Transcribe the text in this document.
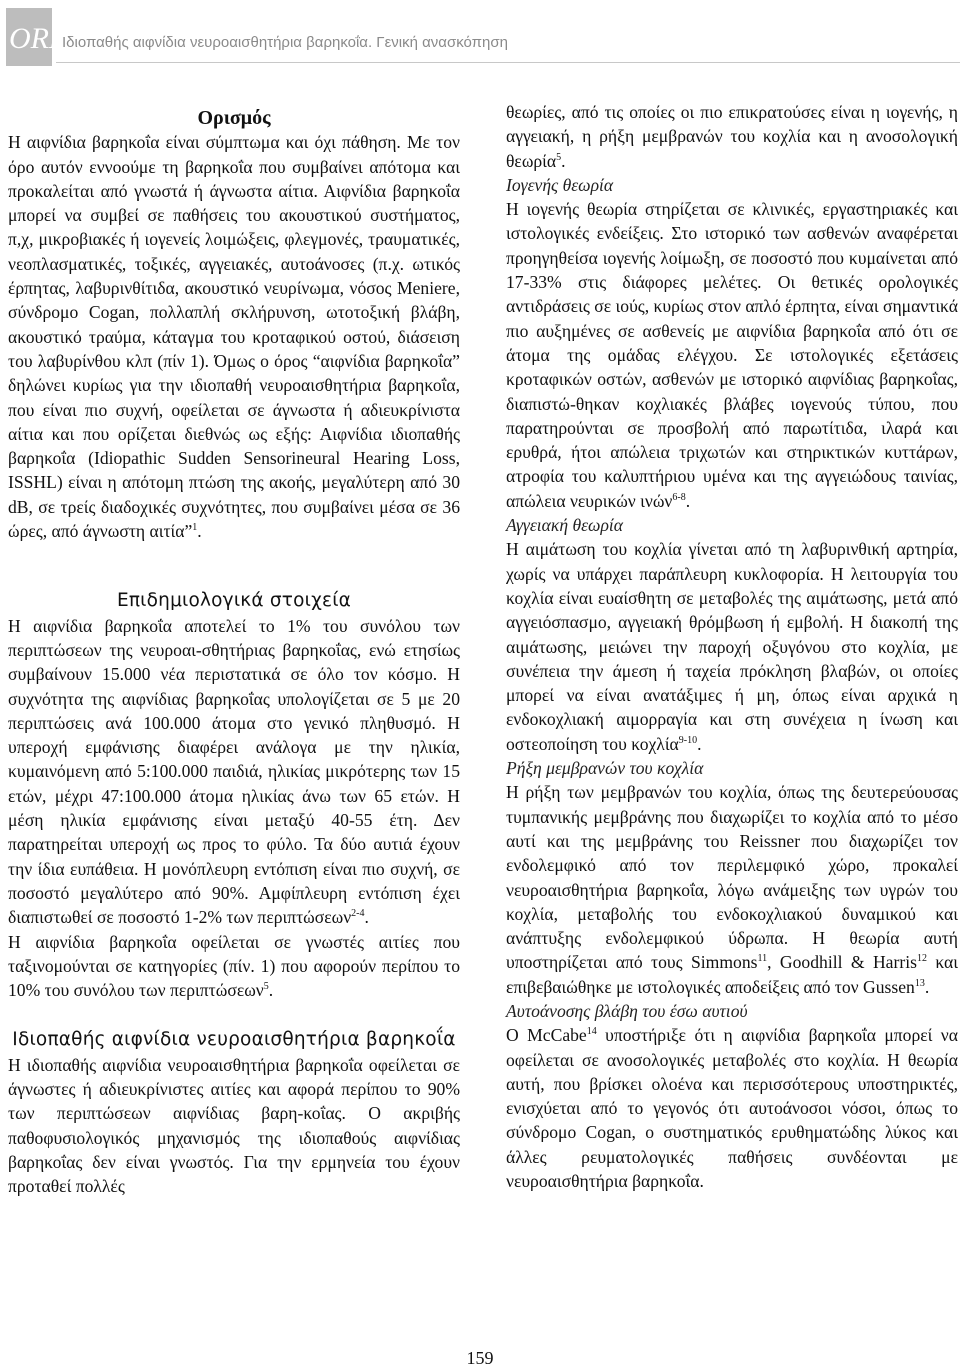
ORL
Ιδιοπαθής αιφνίδια νευροαισθητήρια βαρηκοΐα. Γενική ανασκόπηση
Ορισμός

Η αιφνίδια βαρηκοΐα είναι σύμπτωμα και όχι πάθηση. Με τον όρο αυτόν εννοούμε τη βαρηκοΐα που συμβαίνει απότομα και προκαλείται από γνωστά ή άγνωστα αίτια. Αιφνίδια βαρηκοΐα μπορεί να συμβεί σε παθήσεις του ακουστικού συστήματος, π,χ, μικροβιακές ή ιογενείς λοιμώξεις, φλεγμονές, τραυματικές, νεοπλασματικές, τοξικές, αγγειακές, αυτοάνοσες (π.χ. ωτικός έρπητας, λαβυρινθίτιδα, ακουστικό νευρίνωμα, νόσος Meniere, σύνδρομο Cogan, πολλαπλή σκλήρυνση, ωτοτοξική βλάβη, ακουστικό τραύμα, κάταγμα του κροταφικού οστού, διάσειση του λαβυρίνθου κλπ (πίν 1). Όμως ο όρος “αιφνίδια βαρηκοΐα” δηλώνει κυρίως για την ιδιοπαθή νευροαισθητήρια βαρηκοΐα, που είναι πιο συχνή, οφείλεται σε άγνωστα ή αδιευκρίνιστα αίτια και που ορίζεται διεθνώς ως εξής: Αιφνίδια ιδιοπαθής βαρηκοΐα (Idiopathic Sudden Sensorineural Hearing Loss, ISSHL) είναι η απότομη πτώση της ακοής, μεγαλύτερη από 30 dB, σε τρείς διαδοχικές συχνότητες, που συμβαίνει μέσα σε 36 ώρες, από άγνωστη αιτία”$^1$.

Επιδημιολογικά στοιχεία

Η αιφνίδια βαρηκοΐα αποτελεί το 1% του συνόλου των περιπτώσεων της νευροαι-σθητήριας βαρηκοΐας, ενώ ετησίως συμβαίνουν 15.000 νέα περιστατικά σε όλο τον κόσμο. Η συχνότητα της αιφνίδιας βαρηκοΐας υπολογίζεται σε 5 με 20 περιπτώσεις ανά 100.000 άτομα στο γενικό πληθυσμό. Η υπεροχή εμφάνισης διαφέρει ανάλογα με την ηλικία, κυμαινόμενη από 5:100.000 παιδιά, ηλικίας μικρότερης των 15 ετών, μέχρι 47:100.000 άτομα ηλικίας άνω των 65 ετών. Η μέση ηλικία εμφάνισης είναι μεταξύ 40-55 έτη. Δεν παρατηρείται υπεροχή ως προς το φύλο. Τα δύο αυτιά έχουν την ίδια ευπάθεια. Η μονόπλευρη εντόπιση είναι πιο συχνή, σε ποσοστό μεγαλύτερο από 90%. Αμφίπλευρη εντόπιση έχει διαπιστωθεί σε ποσοστό 1-2% των περιπτώσεων$^{2-4}$.

Η αιφνίδια βαρηκοΐα οφείλεται σε γνωστές αιτίες που ταξινομούνται σε κατηγορίες (πίν. 1) που αφορούν περίπου το 10% του συνόλου των περιπτώσεων$^5$.

Ιδιοπαθής αιφνίδια νευροαισθητήρια βαρηκοΐα

Η ιδιοπαθής αιφνίδια νευροαισθητήρια βαρηκοΐα οφείλεται σε άγνωστες ή αδιευκρίνιστες αιτίες και αφορά περίπου το 90% των περιπτώσεων αιφνίδιας βαρη-κοΐας. Ο ακριβής παθοφυσιολογικός μηχανισμός της ιδιοπαθούς αιφνίδιας βαρηκοΐας δεν είναι γνωστός. Για την ερμηνεία του έχουν προταθεί πολλές

θεωρίες, από τις οποίες οι πιο επικρατούσες είναι η ιογενής, η αγγειακή, η ρήξη μεμβρανών του κοχλία και η ανοσολογική θεωρία$^5$.

Ιογενής θεωρία

Η ιογενής θεωρία στηρίζεται σε κλινικές, εργαστηριακές και ιστολογικές ενδείξεις. Στο ιστορικό των ασθενών αναφέρεται προηγηθείσα ιογενής λοίμωξη, σε ποσοστό που κυμαίνεται από 17-33% στις διάφορες μελέτες. Οι θετικές ορολογικές αντιδράσεις σε ιούς, κυρίως στον απλό έρπητα, είναι σημαντικά πιο αυξημένες σε ασθενείς με αιφνίδια βαρηκοΐα από ότι σε άτομα της ομάδας ελέγχου. Σε ιστολογικές εξετάσεις κροταφικών οστών, ασθενών με ιστορικό αιφνίδιας βαρηκοΐας, διαπιστώ-θηκαν κοχλιακές βλάβες ιογενούς τύπου, που παρατηρούνται σε προσβολή από παρωτίτιδα, ιλαρά και ερυθρά, ήτοι απώλεια τριχωτών και στηρικτικών κυττάρων, ατροφία του καλυπτήριου υμένα και της αγγειώδους ταινίας, απώλεια νευρικών ινών$^{6-8}$.

Αγγειακή θεωρία

Η αιμάτωση του κοχλία γίνεται από τη λαβυρινθική αρτηρία, χωρίς να υπάρχει παράπλευρη κυκλοφορία. Η λειτουργία του κοχλία είναι ευαίσθητη σε μεταβολές της αιμάτωσης, μετά από αγγειόσπασμο, αγγειακή θρόμβωση ή εμβολή. Η διακοπή της αιμάτωσης, μειώνει την παροχή οξυγόνου στο κοχλία, με συνέπεια την άμεση ή ταχεία πρόκληση βλαβών, οι οποίες μπορεί να είναι ανατάξιμες ή μη, όπως είναι αρχικά η ενδοκοχλιακή αιμορραγία και στη συνέχεια η ίνωση και οστεοποίηση του κοχλία$^{9-10}$.

Ρήξη μεμβρανών του κοχλία

Η ρήξη των μεμβρανών του κοχλία, όπως της δευτερεύουσας τυμπανικής μεμβράνης που διαχωρίζει το κοχλία από το μέσο αυτί και της μεμβράνης του Reissner που διαχωρίζει τον ενδολεμφικό από τον περιλεμφικό χώρο, προκαλεί νευροαισθητήρια βαρηκοΐα, λόγω ανάμειξης των υγρών του κοχλία, μεταβολής του ενδοκοχλιακού δυναμικού και ανάπτυξης ενδολεμφικού ύδρωπα. Η θεωρία αυτή υποστηρίζεται από τους Simmons$^{11}$, Goodhill & Harris$^{12}$ και επιβεβαιώθηκε με ιστολογικές αποδείξεις από τον Gussen$^{13}$.

Αυτοάνοσης βλάβη του έσω αυτιού

Ο McCabe$^{14}$ υποστήριξε ότι η αιφνίδια βαρηκοΐα μπορεί να οφείλεται σε ανοσολογικές μεταβολές στο κοχλία. Η θεωρία αυτή, που βρίσκει ολοένα και περισσότερους υποστηρικτές, ενισχύεται από το γεγονός ότι αυτοάνοσοι νόσοι, όπως το σύνδρομο Cogan, ο συστηματικός ερυθηματώδης λύκος και άλλες ρευματολογικές παθήσεις συνδέονται με νευροαισθητήρια βαρηκοΐα.

159
